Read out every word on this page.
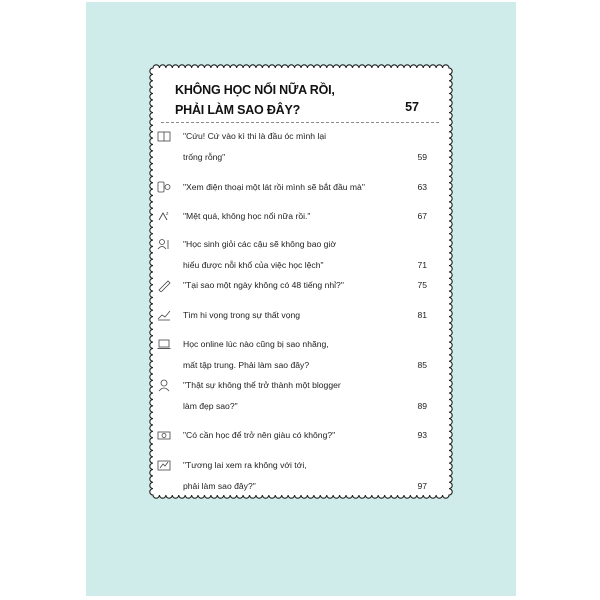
KHÔNG HỌC NỔI NỮA RỒI,
PHẢI LÀM SAO ĐÂY?	57
"Cứu! Cứ vào kì thi là đầu óc mình lại
trống rỗng"	59
"Xem điện thoại một lát rồi mình sẽ bắt đầu mà"	63
z "Mệt quá, không học nổi nữa rồi."	67
"Học sinh giỏi các cậu sẽ không bao giờ
hiểu được nỗi khổ của việc học lệch"	71
"Tại sao một ngày không có 48 tiếng nhỉ?"	75
Tìm hi vọng trong sự thất vọng	81
Học online lúc nào cũng bị sao nhãng,
mất tập trung. Phải làm sao đây?	85
"Thật sự không thể trở thành một blogger
làm đẹp sao?"	89
"Có cần học để trở nên giàu có không?"	93
"Tương lai xem ra không với tới,
phải làm sao đây?"	97
